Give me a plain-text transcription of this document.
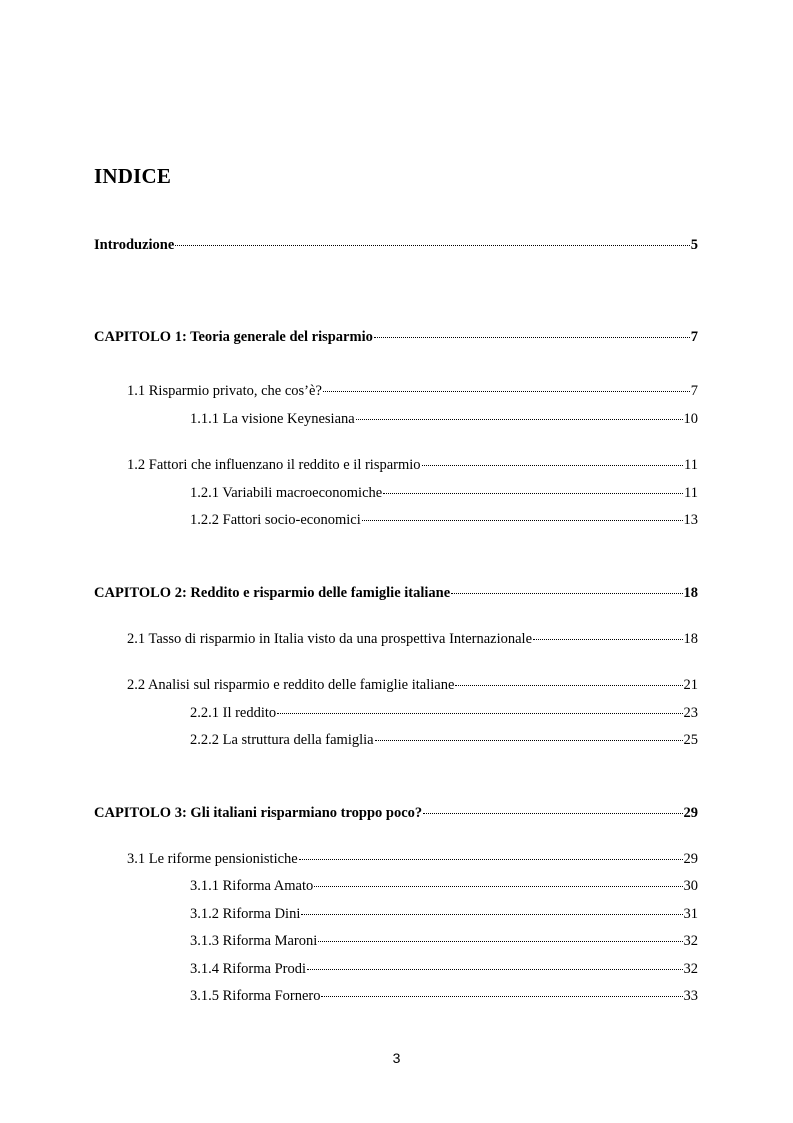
INDICE
Introduzione	5
CAPITOLO 1: Teoria generale del risparmio	7
1.1 Risparmio privato, che cos’è?	7
1.1.1 La visione Keynesiana	10
1.2 Fattori che influenzano il reddito e il risparmio	11
1.2.1 Variabili macroeconomiche	11
1.2.2 Fattori socio-economici	13
CAPITOLO 2: Reddito e risparmio delle famiglie italiane	18
2.1 Tasso di risparmio in Italia visto da una prospettiva Internazionale	18
2.2 Analisi sul risparmio e reddito delle famiglie italiane	21
2.2.1 Il reddito	23
2.2.2 La struttura della famiglia	25
CAPITOLO 3: Gli italiani risparmiano troppo poco?	29
3.1 Le riforme pensionistiche	29
3.1.1 Riforma Amato	30
3.1.2 Riforma Dini	31
3.1.3 Riforma Maroni	32
3.1.4 Riforma Prodi	32
3.1.5 Riforma Fornero	33
3
